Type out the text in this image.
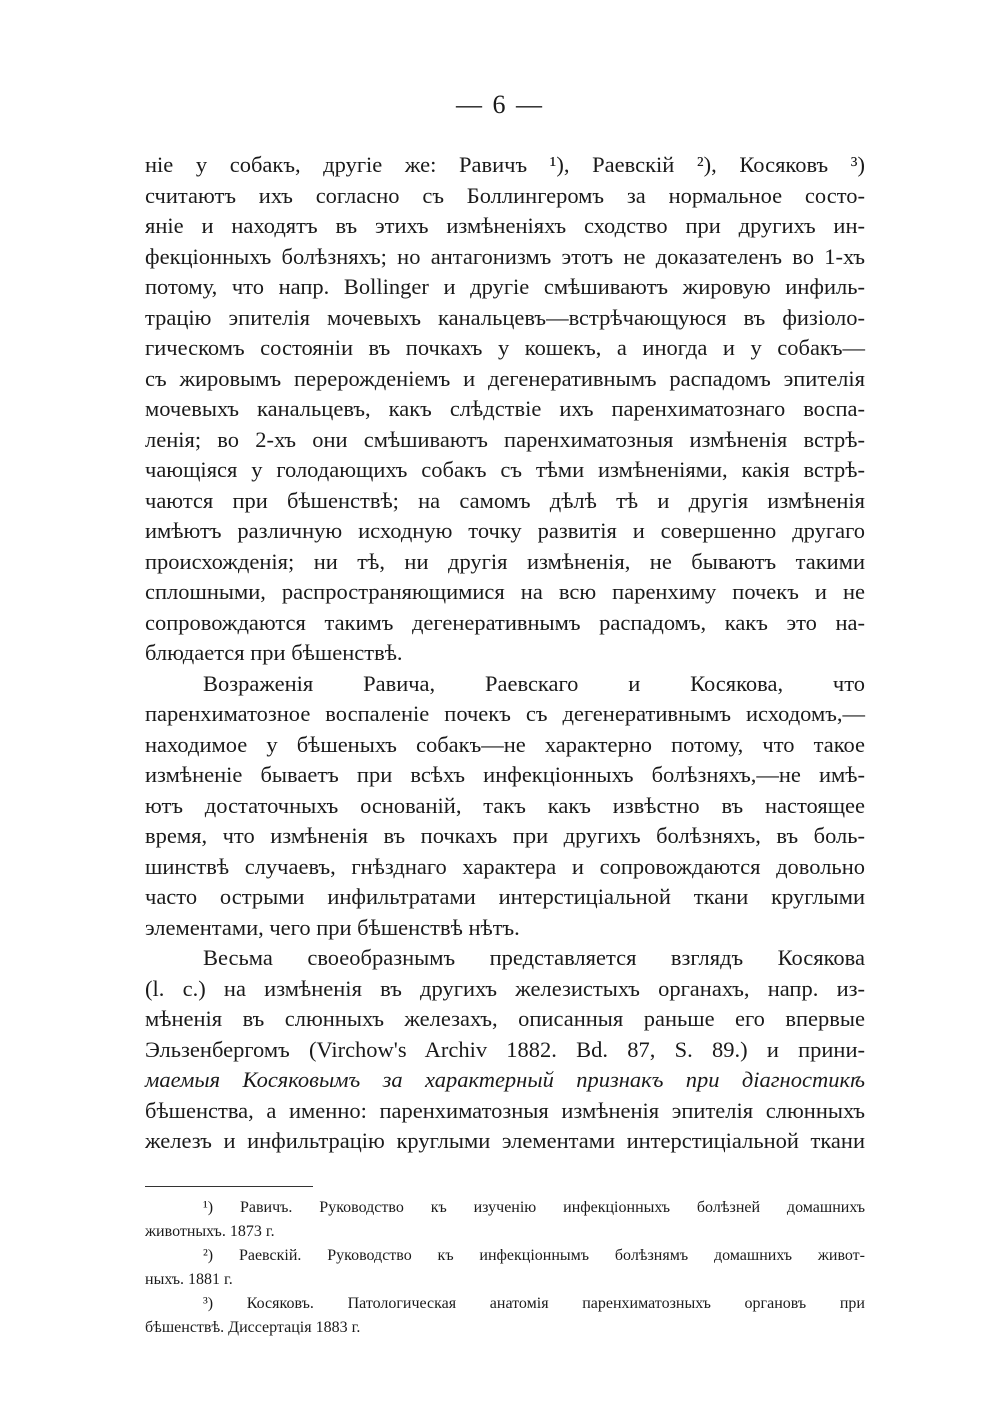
— 6 —
ніе у собакъ, другіе же: Равичъ ¹), Раевскій ²), Косяковъ ³)
считаютъ ихъ согласно съ Боллингеромъ за нормальное состо-
яніе и находятъ въ этихъ измѣненіяхъ сходство при другихъ ин-
фекціонныхъ болѣзняхъ; но антагонизмъ этотъ не доказателенъ во 1-хъ
потому, что напр. Bollinger и другіе смѣшиваютъ жировую инфиль-
трацію эпителія мочевыхъ канальцевъ—встрѣчающуюся въ физіоло-
гическомъ состояніи въ почкахъ у кошекъ, а иногда и у собакъ—
съ жировымъ перерожденіемъ и дегенеративнымъ распадомъ эпителія
мочевыхъ канальцевъ, какъ слѣдствіе ихъ паренхиматознаго воспа-
ленія; во 2-хъ они смѣшиваютъ паренхиматозныя измѣненія встрѣ-
чающіяся у голодающихъ собакъ съ тѣми измѣненіями, какія встрѣ-
чаются при бѣшенствѣ; на самомъ дѣлѣ тѣ и другія измѣненія
имѣютъ различную исходную точку развитія и совершенно другаго
происхожденія; ни тѣ, ни другія измѣненія, не бываютъ такими
сплошными, распространяющимися на всю паренхиму почекъ и не
сопровождаются такимъ дегенеративнымъ распадомъ, какъ это на-
блюдается при бѣшенствѣ.
Возраженія Равича, Раевскаго и Косякова, что
паренхиматозное воспаленіе почекъ съ дегенеративнымъ исходомъ,—
находимое у бѣшеныхъ собакъ—не характерно потому, что такое
измѣненіе бываетъ при всѣхъ инфекціонныхъ болѣзняхъ,—не имѣ-
ютъ достаточныхъ основаній, такъ какъ извѣстно въ настоящее
время, что измѣненія въ почкахъ при другихъ болѣзняхъ, въ боль-
шинствѣ случаевъ, гнѣзднаго характера и сопровождаются довольно
часто острыми инфильтратами интерстиціальной ткани круглыми
элементами, чего при бѣшенствѣ нѣтъ.
Весьма своеобразнымъ представляется взглядъ Косякова
(l. c.) на измѣненія въ другихъ железистыхъ органахъ, напр. из-
мѣненія въ слюнныхъ железахъ, описанныя раньше его впервые
Эльзенбергомъ (Virchow's Archiv 1882. Bd. 87, S. 89.) и прини-
маемыя Косяковымъ за характерный признакъ при діагностикѣ
бѣшенства, а именно: паренхиматозныя измѣненія эпителія слюнныхъ
железъ и инфильтрацію круглыми элементами интерстиціальной ткани
¹) Равичъ. Руководство къ изученію инфекціонныхъ болѣзней домашнихъ
животныхъ. 1873 г.
²) Раевскій. Руководство къ инфекціоннымъ болѣзнямъ домашнихъ живот-
ныхъ. 1881 г.
³) Косяковъ. Патологическая анатомія паренхиматозныхъ органовъ при
бѣшенствѣ. Диссертація 1883 г.
